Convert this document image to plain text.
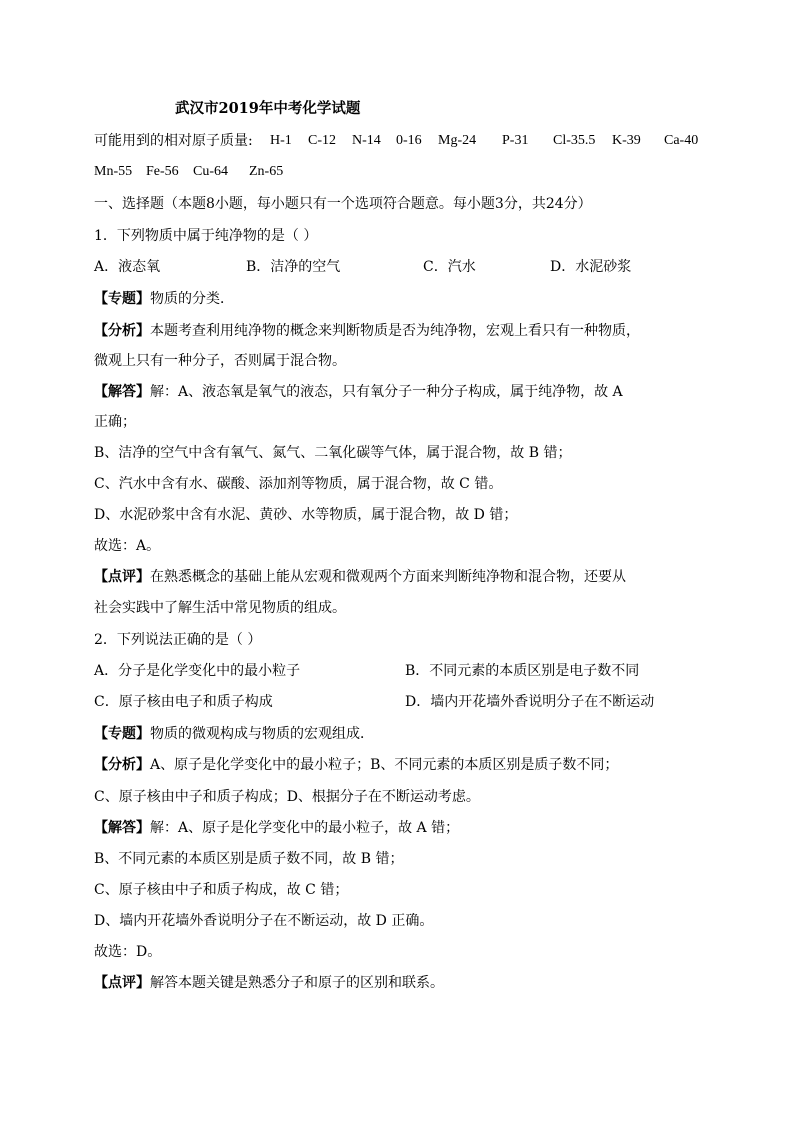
武汉市2019年中考化学试题
可能用到的相对原子质量: H-1 C-12 N-14 0-16 Mg-24 P-31 Cl-35.5 K-39 Ca-40
Mn-55 Fe-56 Cu-64 Zn-65
一、选择题（本题8小题，每小题只有一个选项符合题意。每小题3分，共24分）
1．下列物质中属于纯净物的是（ ）
A．液态氧	B．洁净的空气	C．汽水	D．水泥砂浆
【专题】物质的分类．
【分析】本题考查利用纯净物的概念来判断物质是否为纯净物，宏观上看只有一种物质，
微观上只有一种分子，否则属于混合物。
【解答】解：A、液态氧是氧气的液态，只有氧分子一种分子构成，属于纯净物，故 A
正确；
B、洁净的空气中含有氧气、氮气、二氧化碳等气体，属于混合物，故 B 错；
C、汽水中含有水、碳酸、添加剂等物质，属于混合物，故 C 错。
D、水泥砂浆中含有水泥、黄砂、水等物质，属于混合物，故 D 错；
故选：A。
【点评】在熟悉概念的基础上能从宏观和微观两个方面来判断纯净物和混合物，还要从
社会实践中了解生活中常见物质的组成。
2．下列说法正确的是（ ）
A．分子是化学变化中的最小粒子	B．不同元素的本质区别是电子数不同
C．原子核由电子和质子构成	D．墙内开花墙外香说明分子在不断运动
【专题】物质的微观构成与物质的宏观组成．
【分析】A、原子是化学变化中的最小粒子；B、不同元素的本质区别是质子数不同；
C、原子核由中子和质子构成；D、根据分子在不断运动考虑。
【解答】解：A、原子是化学变化中的最小粒子，故 A 错；
B、不同元素的本质区别是质子数不同，故 B 错；
C、原子核由中子和质子构成，故 C 错；
D、墙内开花墙外香说明分子在不断运动，故 D 正确。
故选：D。
【点评】解答本题关键是熟悉分子和原子的区别和联系。
